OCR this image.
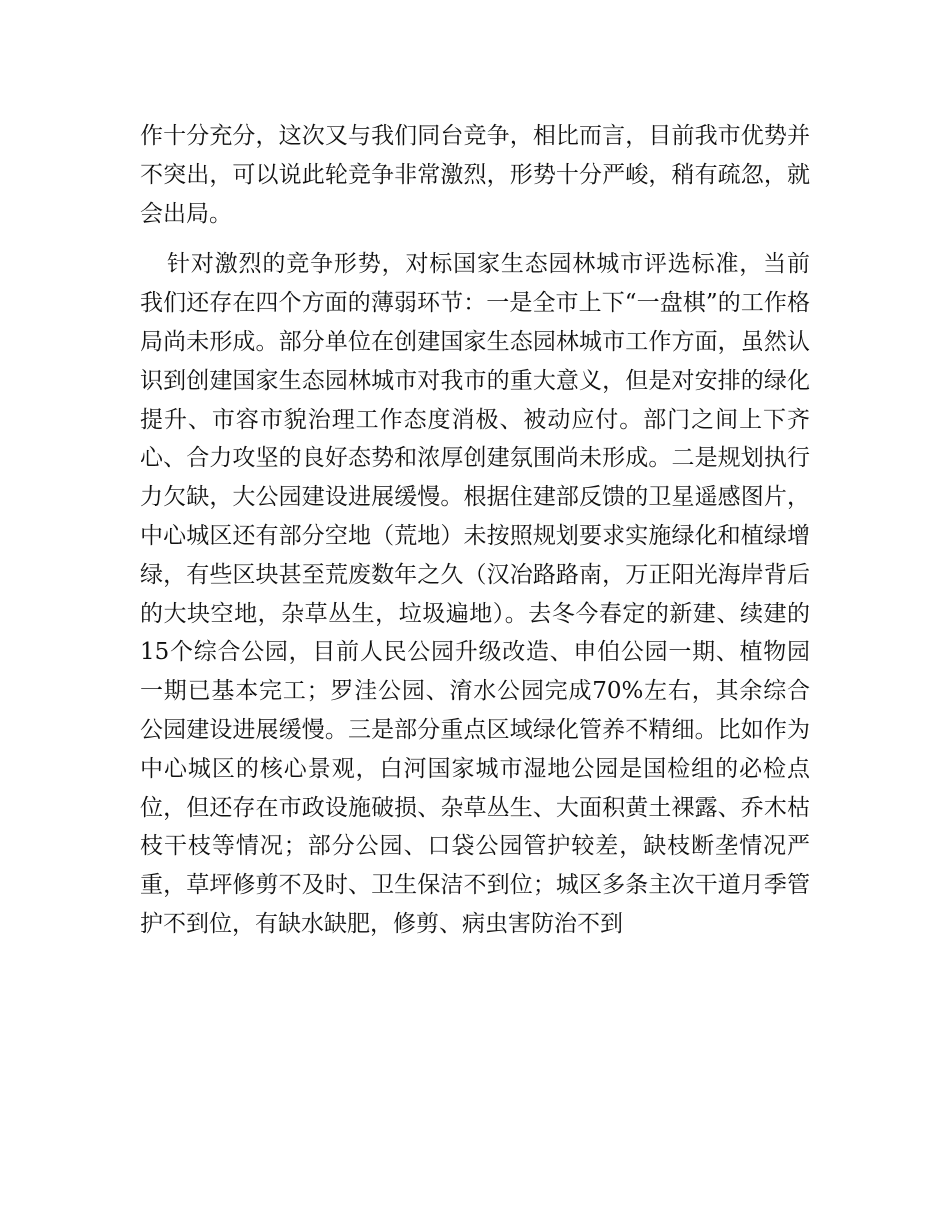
作十分充分，这次又与我们同台竞争，相比而言，目前我市优势并不突出，可以说此轮竞争非常激烈，形势十分严峻，稍有疏忽，就会出局。

针对激烈的竞争形势，对标国家生态园林城市评选标准，当前我们还存在四个方面的薄弱环节：一是全市上下“一盘棋”的工作格局尚未形成。部分单位在创建国家生态园林城市工作方面，虽然认识到创建国家生态园林城市对我市的重大意义，但是对安排的绿化提升、市容市貌治理工作态度消极、被动应付。部门之间上下齐心、合力攻坚的良好态势和浓厚创建氛围尚未形成。二是规划执行力欠缺，大公园建设进展缓慢。根据住建部反馈的卫星遥感图片，中心城区还有部分空地（荒地）未按照规划要求实施绿化和植绿增绿，有些区块甚至荒废数年之久（汉冶路路南，万正阳光海岸背后的大块空地，杂草丛生，垃圾遍地）。去冬今春定的新建、续建的15个综合公园，目前人民公园升级改造、申伯公园一期、植物园一期已基本完工；罗洼公园、淯水公园完成70%左右，其余综合公园建设进展缓慢。三是部分重点区域绿化管养不精细。比如作为中心城区的核心景观，白河国家城市湿地公园是国检组的必检点位，但还存在市政设施破损、杂草丛生、大面积黄土裸露、乔木枯枝干枝等情况；部分公园、口袋公园管护较差，缺枝断垄情况严重，草坪修剪不及时、卫生保洁不到位；城区多条主次干道月季管护不到位，有缺水缺肥，修剪、病虫害防治不到
